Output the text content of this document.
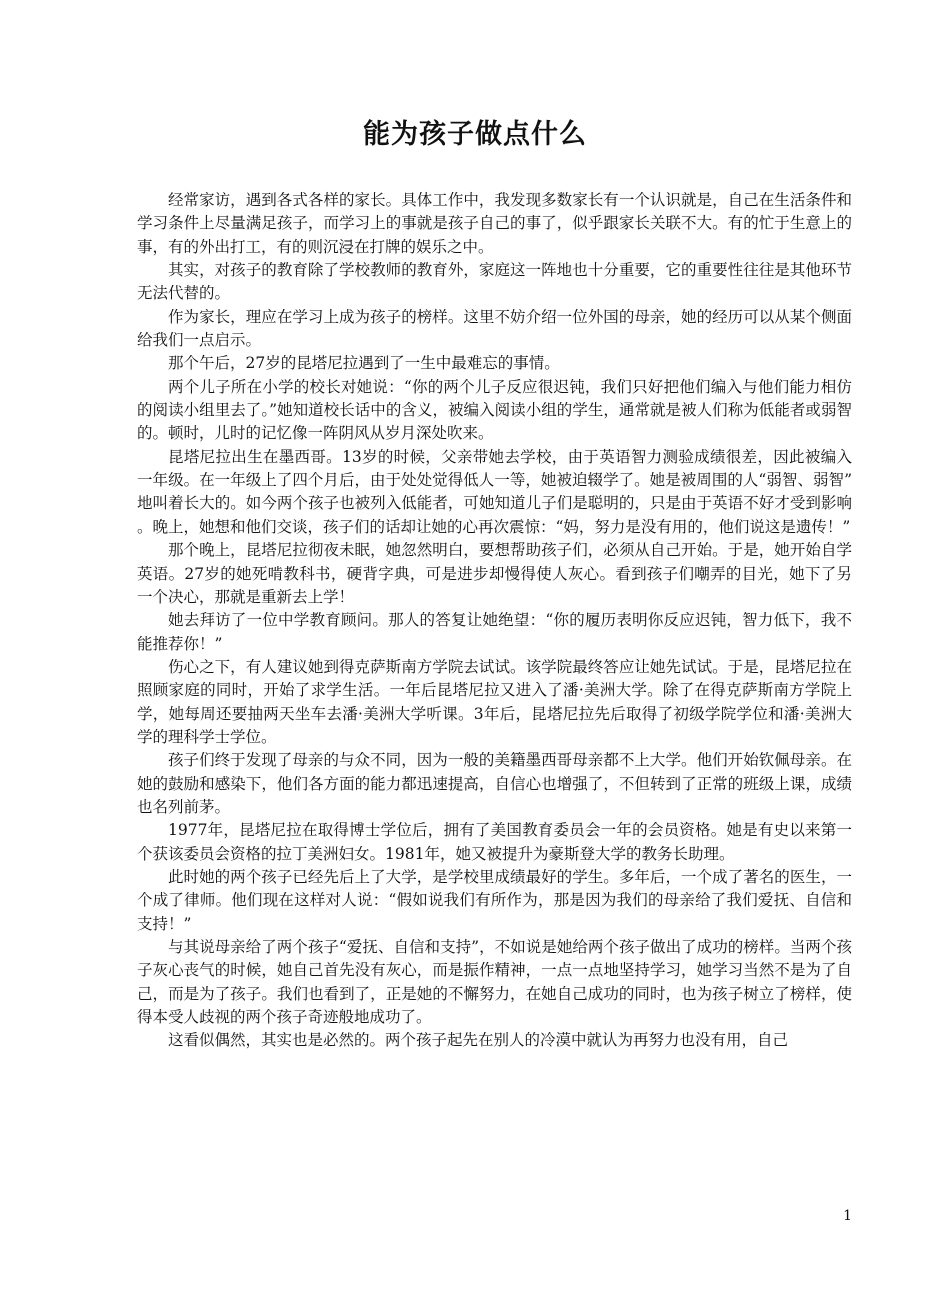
能为孩子做点什么

经常家访，遇到各式各样的家长。具体工作中，我发现多数家长有一个认识就是，自己在生活条件和学习条件上尽量满足孩子，而学习上的事就是孩子自己的事了，似乎跟家长关联不大。有的忙于生意上的事，有的外出打工，有的则沉浸在打牌的娱乐之中。

其实，对孩子的教育除了学校教师的教育外，家庭这一阵地也十分重要，它的重要性往往是其他环节无法代替的。

作为家长，理应在学习上成为孩子的榜样。这里不妨介绍一位外国的母亲，她的经历可以从某个侧面给我们一点启示。

那个午后，27岁的昆塔尼拉遇到了一生中最难忘的事情。

两个儿子所在小学的校长对她说：“你的两个儿子反应很迟钝，我们只好把他们编入与他们能力相仿的阅读小组里去了。”她知道校长话中的含义，被编入阅读小组的学生，通常就是被人们称为低能者或弱智的。顿时，儿时的记忆像一阵阴风从岁月深处吹来。

昆塔尼拉出生在墨西哥。13岁的时候，父亲带她去学校，由于英语智力测验成绩很差，因此被编入一年级。在一年级上了四个月后，由于处处觉得低人一等，她被迫辍学了。她是被周围的人“弱智、弱智”地叫着长大的。如今两个孩子也被列入低能者，可她知道儿子们是聪明的，只是由于英语不好才受到影响。晚上，她想和他们交谈，孩子们的话却让她的心再次震惊：“妈，努力是没有用的，他们说这是遗传！”

那个晚上，昆塔尼拉彻夜未眠，她忽然明白，要想帮助孩子们，必须从自己开始。于是，她开始自学英语。27岁的她死啃教科书，硬背字典，可是进步却慢得使人灰心。看到孩子们嘲弄的目光，她下了另一个决心，那就是重新去上学！

她去拜访了一位中学教育顾问。那人的答复让她绝望：“你的履历表明你反应迟钝，智力低下，我不能推荐你！”

伤心之下，有人建议她到得克萨斯南方学院去试试。该学院最终答应让她先试试。于是，昆塔尼拉在照顾家庭的同时，开始了求学生活。一年后昆塔尼拉又进入了潘·美洲大学。除了在得克萨斯南方学院上学，她每周还要抽两天坐车去潘·美洲大学听课。3年后，昆塔尼拉先后取得了初级学院学位和潘·美洲大学的理科学士学位。

孩子们终于发现了母亲的与众不同，因为一般的美籍墨西哥母亲都不上大学。他们开始钦佩母亲。在她的鼓励和感染下，他们各方面的能力都迅速提高，自信心也增强了，不但转到了正常的班级上课，成绩也名列前茅。

1977年，昆塔尼拉在取得博士学位后，拥有了美国教育委员会一年的会员资格。她是有史以来第一个获该委员会资格的拉丁美洲妇女。1981年，她又被提升为豪斯登大学的教务长助理。

此时她的两个孩子已经先后上了大学，是学校里成绩最好的学生。多年后，一个成了著名的医生，一个成了律师。他们现在这样对人说：“假如说我们有所作为，那是因为我们的母亲给了我们爱抚、自信和支持！”

与其说母亲给了两个孩子“爱抚、自信和支持”，不如说是她给两个孩子做出了成功的榜样。当两个孩子灰心丧气的时候，她自己首先没有灰心，而是振作精神，一点一点地坚持学习，她学习当然不是为了自己，而是为了孩子。我们也看到了，正是她的不懈努力，在她自己成功的同时，也为孩子树立了榜样，使得本受人歧视的两个孩子奇迹般地成功了。

这看似偶然，其实也是必然的。两个孩子起先在别人的冷漠中就认为再努力也没有用，自己

1
